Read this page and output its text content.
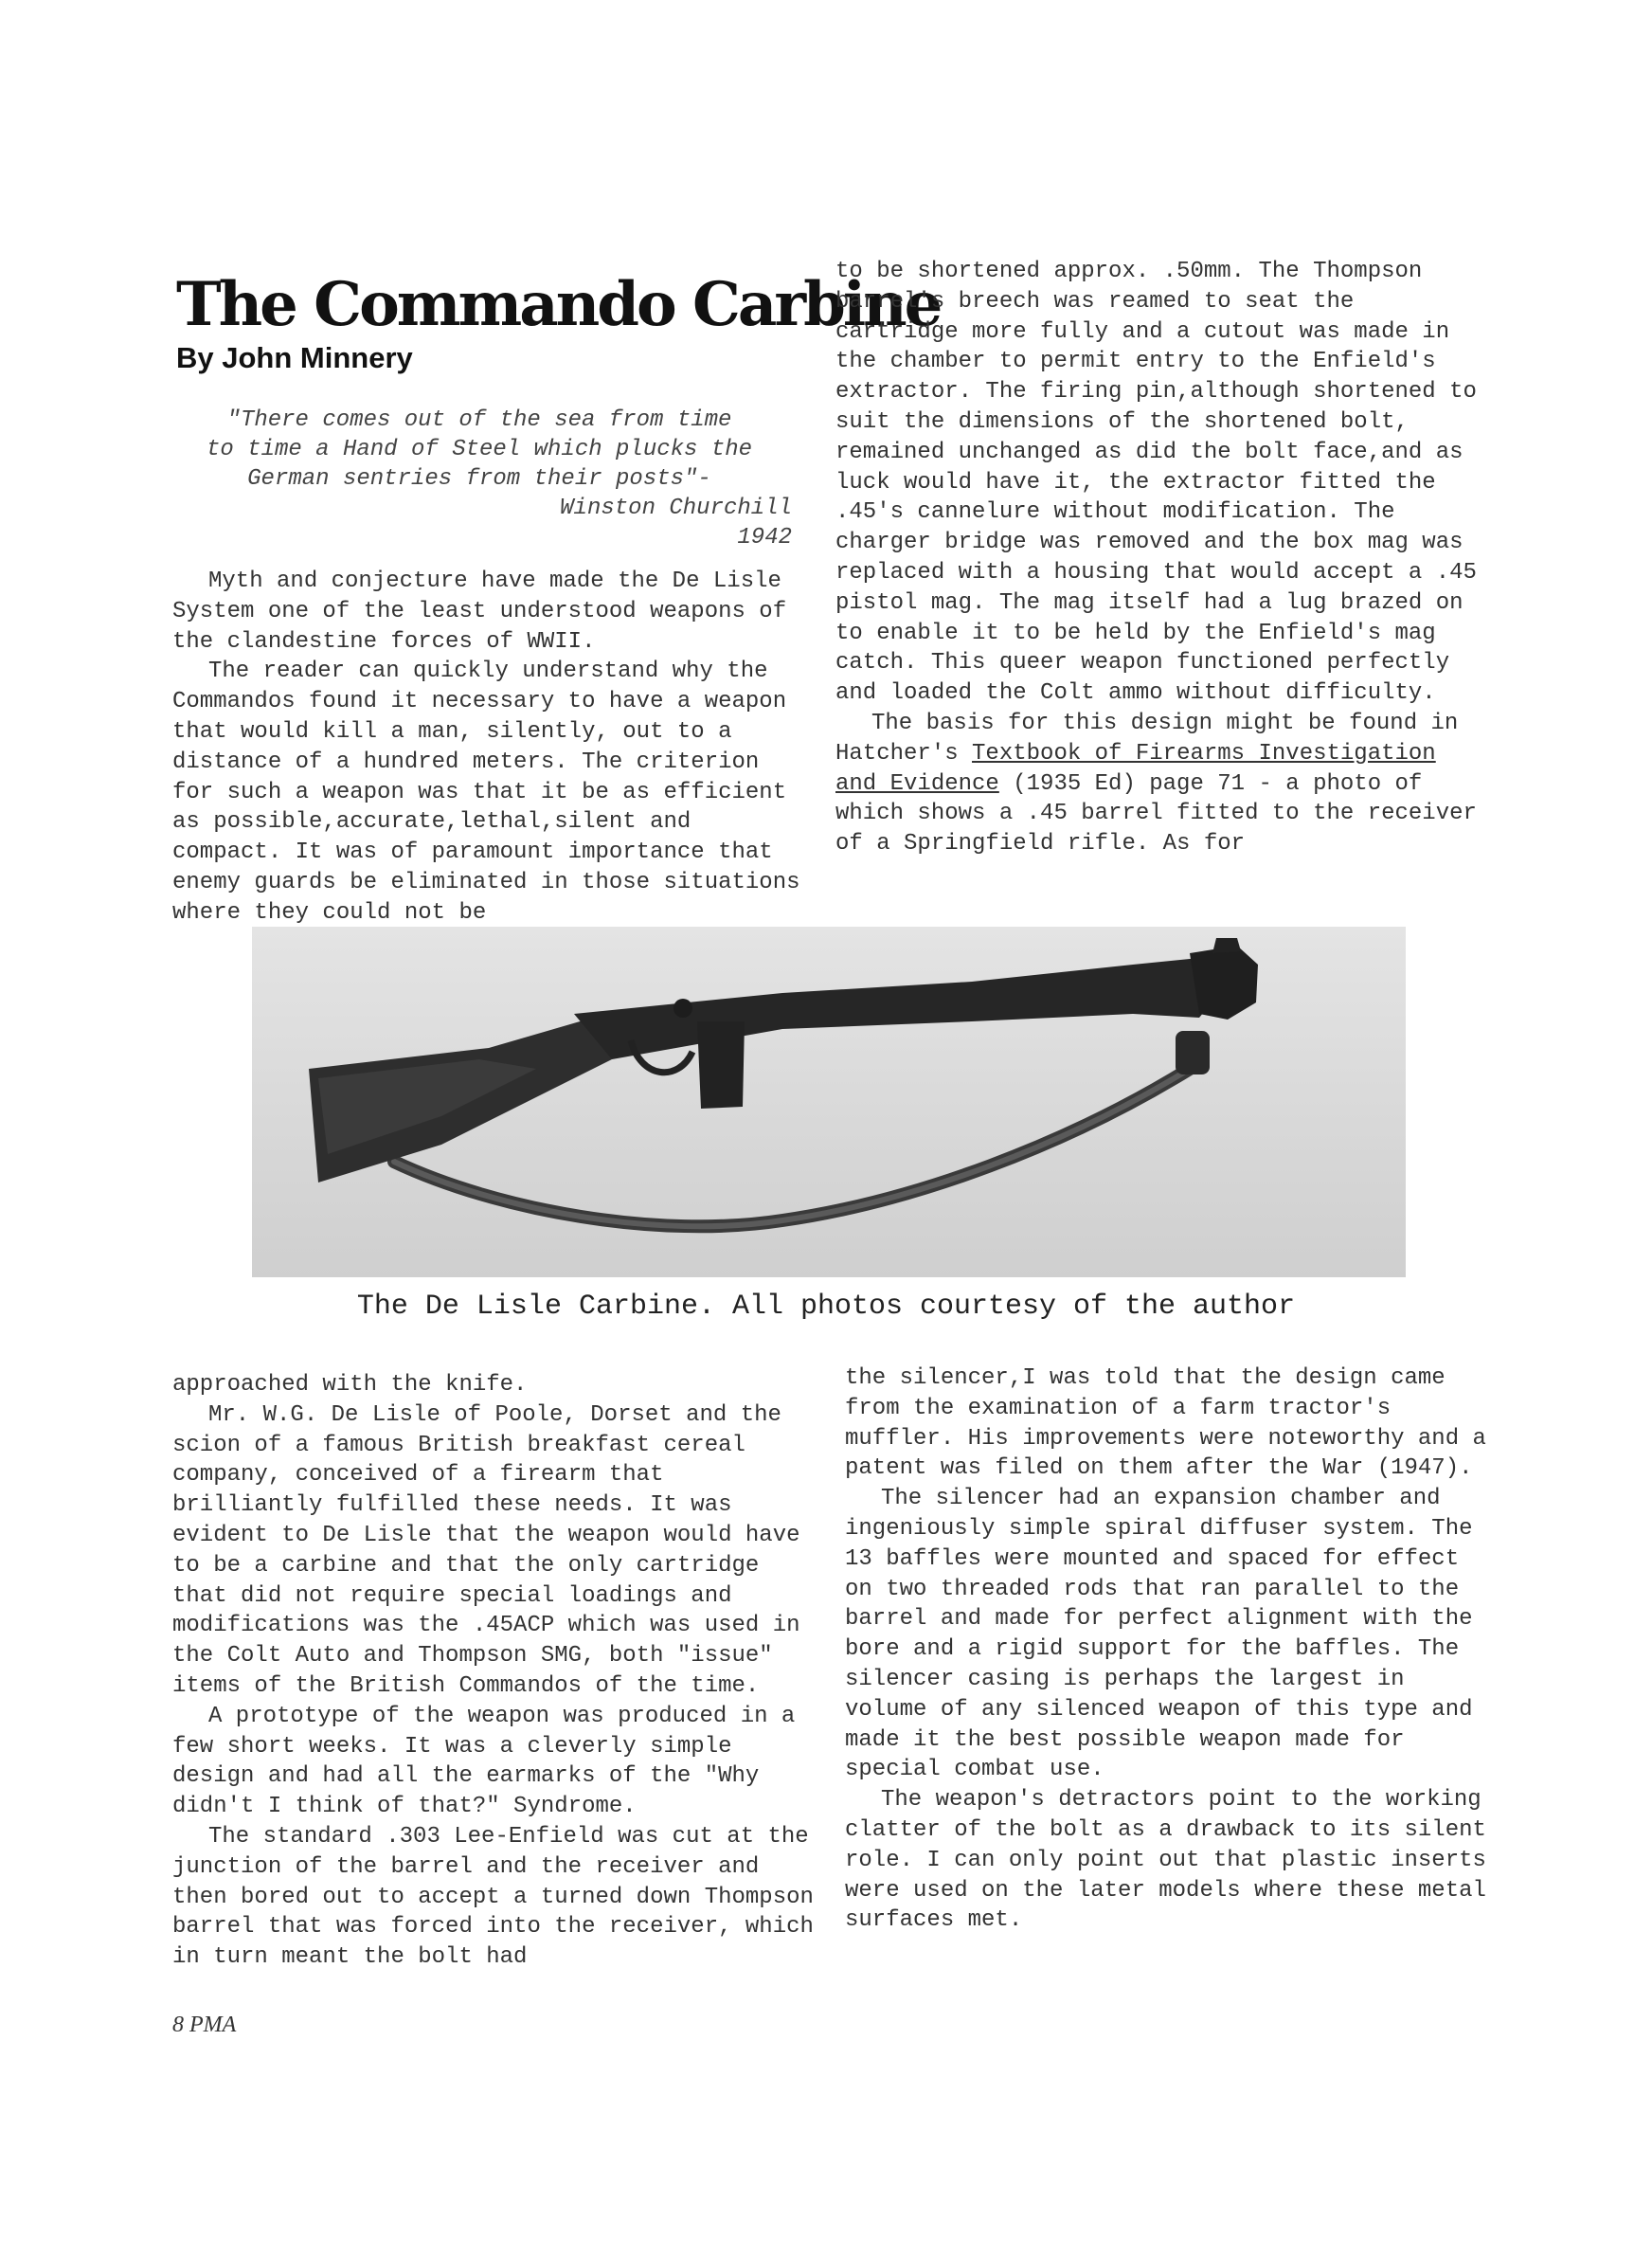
The Commando Carbine
By John Minnery
"There comes out of the sea from time
to time a Hand of Steel which plucks the
German sentries from their posts"-
Winston Churchill
1942

Myth and conjecture have made the De Lisle System one of the least understood weapons of the clandestine forces of WWII.

The reader can quickly understand why the Commandos found it necessary to have a weapon that would kill a man, silently, out to a distance of a hundred meters. The criterion for such a weapon was that it be as efficient as possible,accurate,lethal,silent and compact. It was of paramount importance that enemy guards be eliminated in those situations where they could not be

to be shortened approx. .50mm. The Thompson barrel's breech was reamed to seat the cartridge more fully and a cutout was made in the chamber to permit entry to the Enfield's extractor. The firing pin,although shortened to suit the dimensions of the shortened bolt, remained unchanged as did the bolt face,and as luck would have it, the extractor fitted the .45's cannelure without modification. The charger bridge was removed and the box mag was replaced with a housing that would accept a .45 pistol mag. The mag itself had a lug brazed on to enable it to be held by the Enfield's mag catch. This queer weapon functioned perfectly and loaded the Colt ammo without difficulty.

The basis for this design might be found in Hatcher's Textbook of Firearms Investigation and Evidence (1935 Ed) page 71 - a photo of which shows a .45 barrel fitted to the receiver of a Springfield rifle. As for

The De Lisle Carbine. All photos courtesy of the author

approached with the knife.

Mr. W.G. De Lisle of Poole, Dorset and the scion of a famous British breakfast cereal company, conceived of a firearm that brilliantly fulfilled these needs. It was evident to De Lisle that the weapon would have to be a carbine and that the only cartridge that did not require special loadings and modifications was the .45ACP which was used in the Colt Auto and Thompson SMG, both "issue" items of the British Commandos of the time.

A prototype of the weapon was produced in a few short weeks. It was a cleverly simple design and had all the earmarks of the "Why didn't I think of that?" Syndrome.

The standard .303 Lee-Enfield was cut at the junction of the barrel and the receiver and then bored out to accept a turned down Thompson barrel that was forced into the receiver, which in turn meant the bolt had

the silencer,I was told that the design came from the examination of a farm tractor's muffler. His improvements were noteworthy and a patent was filed on them after the War (1947).

The silencer had an expansion chamber and ingeniously simple spiral diffuser system. The 13 baffles were mounted and spaced for effect on two threaded rods that ran parallel to the barrel and made for perfect alignment with the bore and a rigid support for the baffles. The silencer casing is perhaps the largest in volume of any silenced weapon of this type and made it the best possible weapon made for special combat use.

The weapon's detractors point to the working clatter of the bolt as a drawback to its silent role. I can only point out that plastic inserts were used on the later models where these metal surfaces met.

8 PMA
